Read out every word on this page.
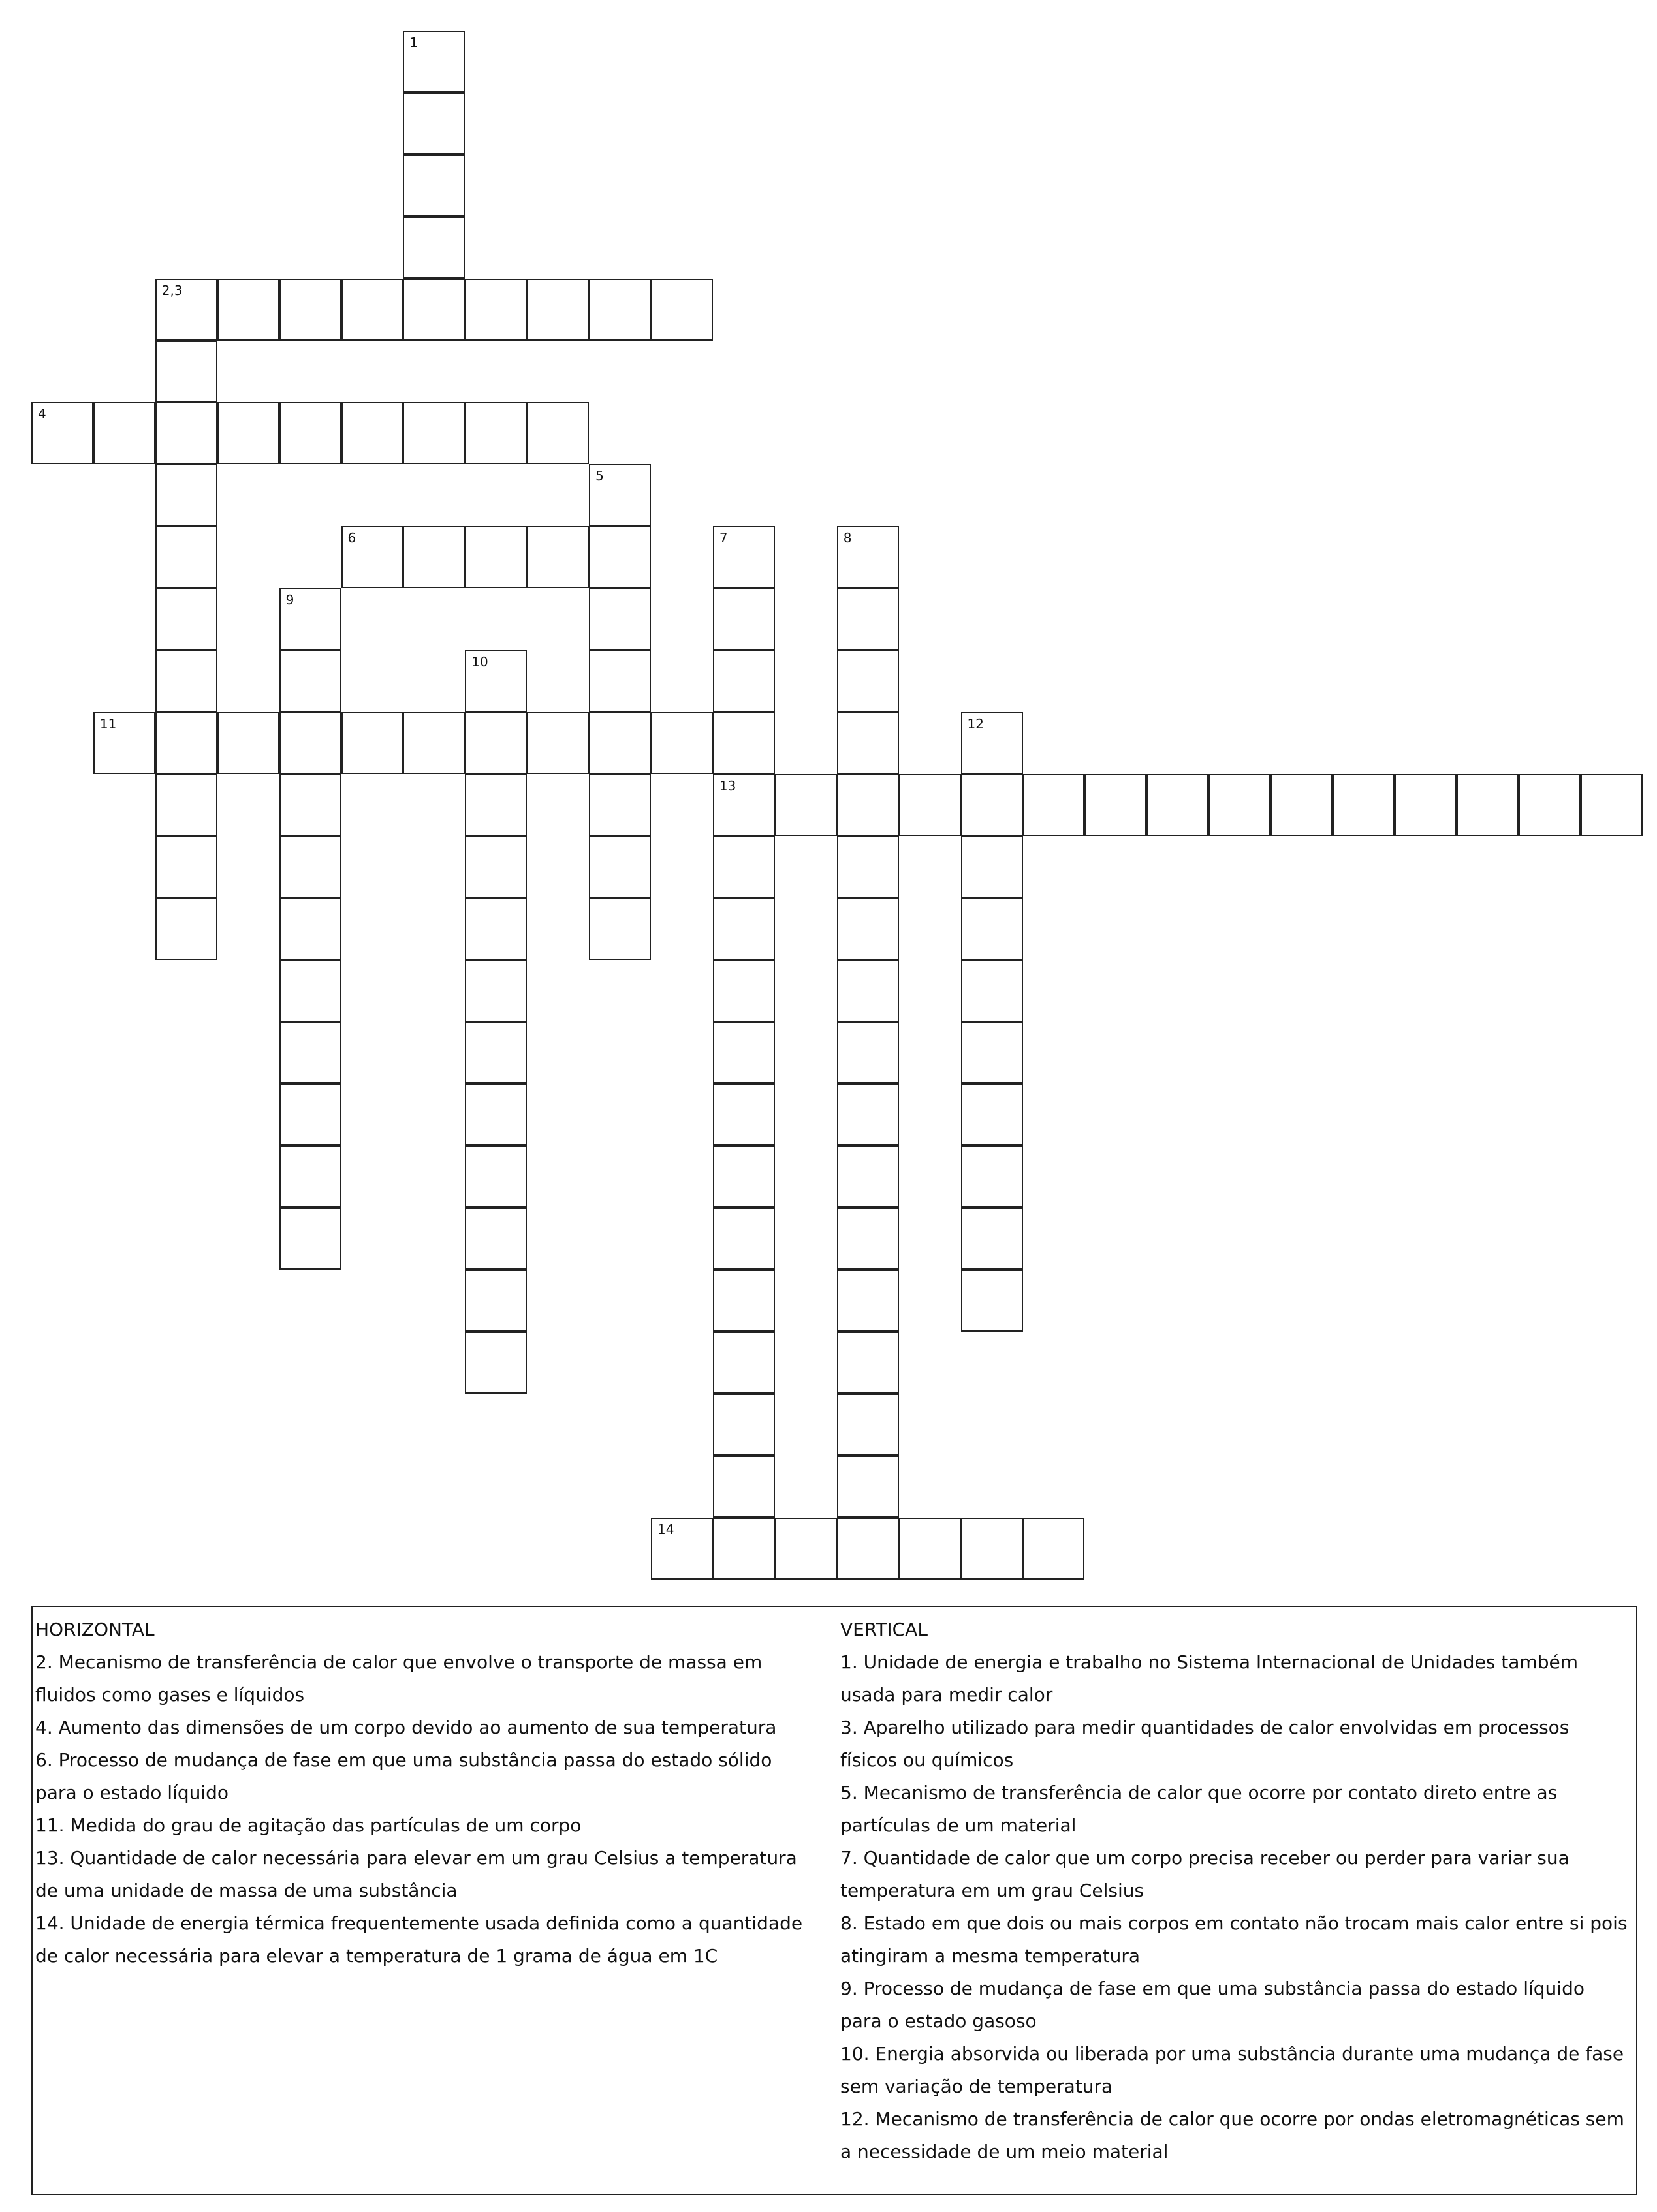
1
2,3
4
5
6	7
13
8
9
10
11	12
14
HORIZONTAL
2. Mecanismo de transferência de calor que envolve o transporte de massa em fluidos como gases e líquidos
4. Aumento das dimensões de um corpo devido ao aumento de sua temperatura
6. Processo de mudança de fase em que uma substância passa do estado sólido para o estado líquido
11. Medida do grau de agitação das partículas de um corpo
13. Quantidade de calor necessária para elevar em um grau Celsius a temperatura de uma unidade de massa de uma substância
14. Unidade de energia térmica frequentemente usada definida como a quantidade de calor necessária para elevar a temperatura de 1 grama de água em 1C
VERTICAL
1. Unidade de energia e trabalho no Sistema Internacional de Unidades também usada para medir calor
3. Aparelho utilizado para medir quantidades de calor envolvidas em processos físicos ou químicos
5. Mecanismo de transferência de calor que ocorre por contato direto entre as partículas de um material
7. Quantidade de calor que um corpo precisa receber ou perder para variar sua temperatura em um grau Celsius
8. Estado em que dois ou mais corpos em contato não trocam mais calor entre si pois atingiram a mesma temperatura
9. Processo de mudança de fase em que uma substância passa do estado líquido para o estado gasoso
10. Energia absorvida ou liberada por uma substância durante uma mudança de fase sem variação de temperatura
12. Mecanismo de transferência de calor que ocorre por ondas eletromagnéticas sem a necessidade de um meio material
